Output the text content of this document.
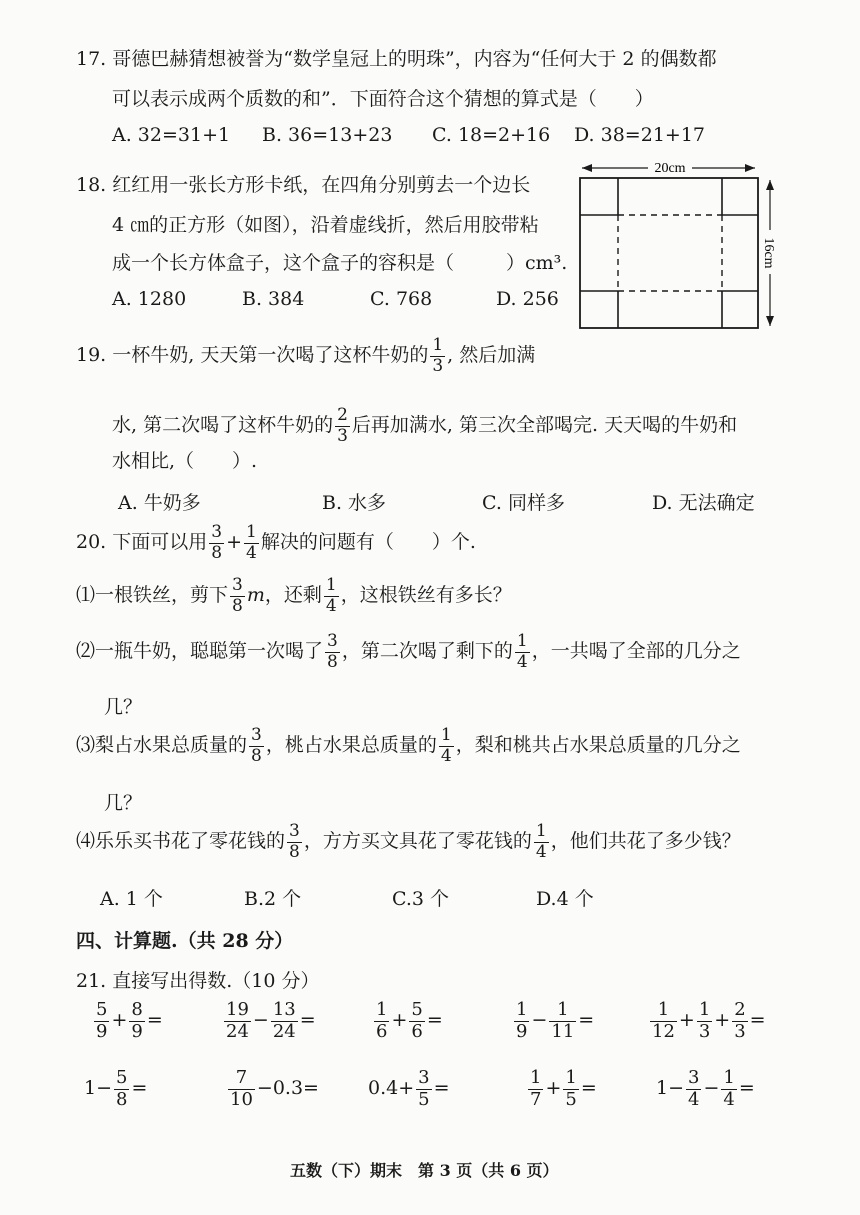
17. 哥德巴赫猜想被誉为“数学皇冠上的明珠”，内容为“任何大于 2 的偶数都
可以表示成两个质数的和”．下面符合这个猜想的算式是（　　）
A. 32=31+1 B. 36=13+23 C. 18=2+16 D. 38=21+17
18. 红红用一张长方形卡纸，在四角分别剪去一个边长
4 ㎝的正方形（如图），沿着虚线折，然后用胶带粘
成一个长方体盒子，这个盒子的容积是（	）cm³.
A. 1280	B. 384	C. 768	D. 256
20cm
16cm
19. 一杯牛奶, 天天第一次喝了这杯牛奶的 $\frac{1}{3}$ , 然后加满
水, 第二次喝了这杯牛奶的 $\frac{2}{3}$ 后再加满水, 第三次全部喝完. 天天喝的牛奶和
水相比,（　　）.
A. 牛奶多	B. 水多	C. 同样多	D. 无法确定
20. 下面可以用 $\frac{3}{8} + \frac{1}{4}$ 解决的问题有（　　）个.
⑴一根铁丝，剪下 $\frac{3}{8}$ m，还剩 $\frac{1}{4}$ ，这根铁丝有多长？
⑵一瓶牛奶，聪聪第一次喝了 $\frac{3}{8}$ ，第二次喝了剩下的 $\frac{1}{4}$ ，一共喝了全部的几分之
几？
⑶梨占水果总质量的 $\frac{3}{8}$ ，桃占水果总质量的 $\frac{1}{4}$ ，梨和桃共占水果总质量的几分之
几？
⑷乐乐买书花了零花钱的 $\frac{3}{8}$ ，方方买文具花了零花钱的 $\frac{1}{4}$ ，他们共花了多少钱？
A. 1 个	B.2 个	C.3 个	D.4 个
四、计算题.（共 28 分）
21. 直接写出得数.（10 分）
$\frac{5}{9} + \frac{8}{9}$ =	$\frac{19}{24} - \frac{13}{24}$ =	$\frac{1}{6} + \frac{5}{6}$ =	$\frac{1}{9} - \frac{1}{11}$ =	$\frac{1}{12} + \frac{1}{3} + \frac{2}{3}$ =
$1- \frac{5}{8}$ =	$\frac{7}{10} -0.3=$	$0.4+ \frac{3}{5}$ =	$\frac{1}{7} + \frac{1}{5}$ =	$1- \frac{3}{4} - \frac{1}{4}$ =
五数（下）期末　第 3 页（共 6 页）
